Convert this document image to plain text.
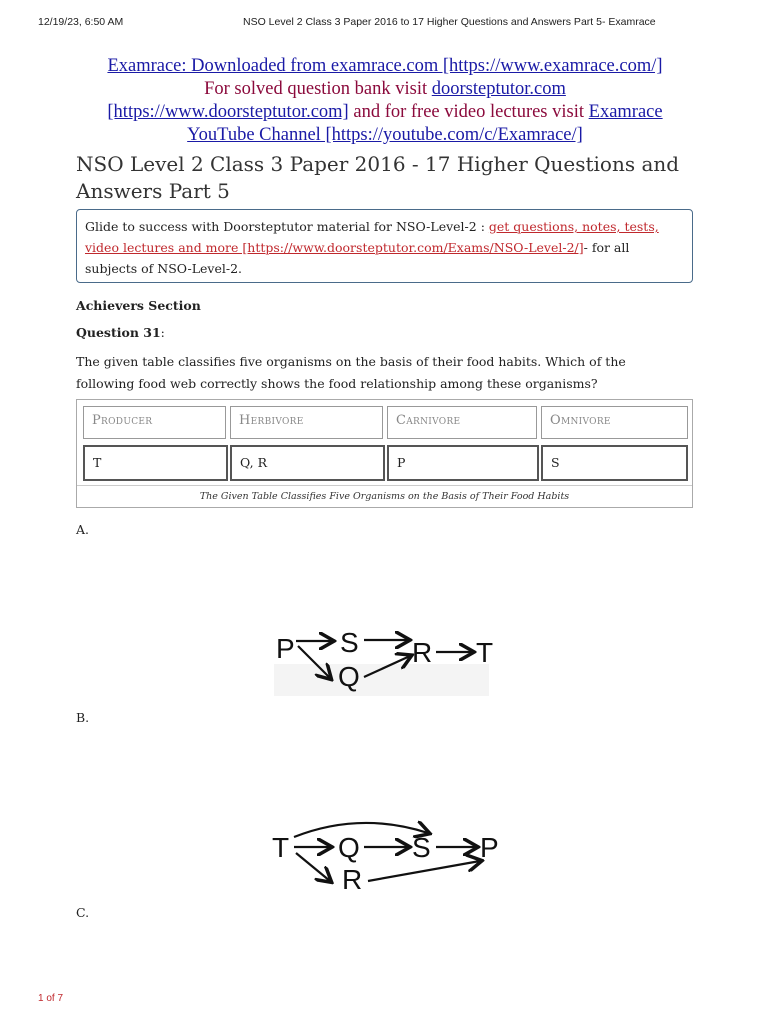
12/19/23, 6:50 AM	NSO Level 2 Class 3 Paper 2016 to 17 Higher Questions and Answers Part 5- Examrace
Examrace: Downloaded from examrace.com [https://www.examrace.com/]
For solved question bank visit doorsteptutor.com
[https://www.doorsteptutor.com] and for free video lectures visit Examrace
YouTube Channel [https://youtube.com/c/Examrace/]
NSO Level 2 Class 3 Paper 2016 - 17 Higher Questions and Answers Part 5
Glide to success with Doorsteptutor material for NSO-Level-2 : get questions, notes, tests, video lectures and more [https://www.doorsteptutor.com/Exams/NSO-Level-2/]- for all subjects of NSO-Level-2.
Achievers Section
Question 31:
The given table classifies five organisms on the basis of their food habits. Which of the following food web correctly shows the food relationship among these organisms?
Producer	Herbivore	Carnivore	Omnivore
T	Q, R	P	S
The Given Table Classifies Five Organisms on the Basis of Their Food Habits
A.
P S
Q
R T
B.
T Q S P
R
C.
1 of 7
